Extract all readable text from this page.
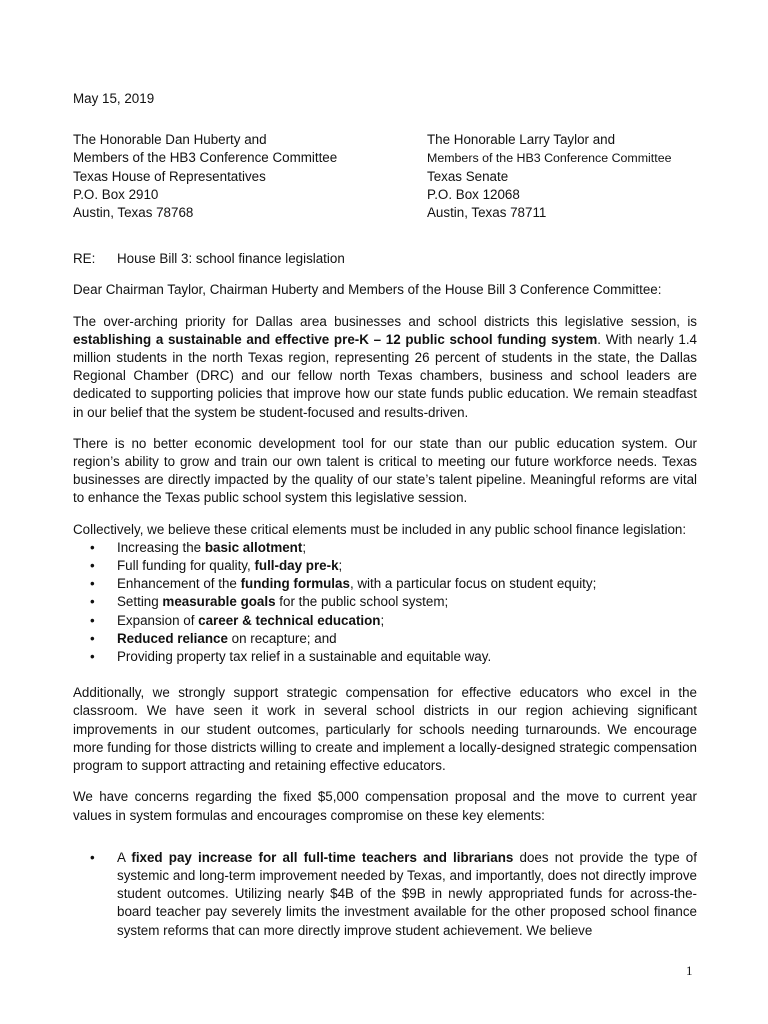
May 15, 2019
The Honorable Dan Huberty and
Members of the HB3 Conference Committee
Texas House of Representatives
P.O. Box 2910
Austin, Texas 78768
The Honorable Larry Taylor and
Members of the HB3 Conference Committee
Texas Senate
P.O. Box 12068
Austin, Texas 78711
RE:	House Bill 3: school finance legislation
Dear Chairman Taylor, Chairman Huberty and Members of the House Bill 3 Conference Committee:

The over-arching priority for Dallas area businesses and school districts this legislative session, is establishing a sustainable and effective pre-K – 12 public school funding system. With nearly 1.4 million students in the north Texas region, representing 26 percent of students in the state, the Dallas Regional Chamber (DRC) and our fellow north Texas chambers, business and school leaders are dedicated to supporting policies that improve how our state funds public education. We remain steadfast in our belief that the system be student-focused and results-driven.

There is no better economic development tool for our state than our public education system. Our region’s ability to grow and train our own talent is critical to meeting our future workforce needs. Texas businesses are directly impacted by the quality of our state’s talent pipeline. Meaningful reforms are vital to enhance the Texas public school system this legislative session.

Collectively, we believe these critical elements must be included in any public school finance legislation:

• Increasing the basic allotment;
• Full funding for quality, full-day pre-k;
• Enhancement of the funding formulas, with a particular focus on student equity;
• Setting measurable goals for the public school system;
• Expansion of career & technical education;
• Reduced reliance on recapture; and
• Providing property tax relief in a sustainable and equitable way.

Additionally, we strongly support strategic compensation for effective educators who excel in the classroom. We have seen it work in several school districts in our region achieving significant improvements in our student outcomes, particularly for schools needing turnarounds. We encourage more funding for those districts willing to create and implement a locally-designed strategic compensation program to support attracting and retaining effective educators.

We have concerns regarding the fixed $5,000 compensation proposal and the move to current year values in system formulas and encourages compromise on these key elements:

• A fixed pay increase for all full-time teachers and librarians does not provide the type of systemic and long-term improvement needed by Texas, and importantly, does not directly improve student outcomes. Utilizing nearly $4B of the $9B in newly appropriated funds for across-the-board teacher pay severely limits the investment available for the other proposed school finance system reforms that can more directly improve student achievement. We believe
1
